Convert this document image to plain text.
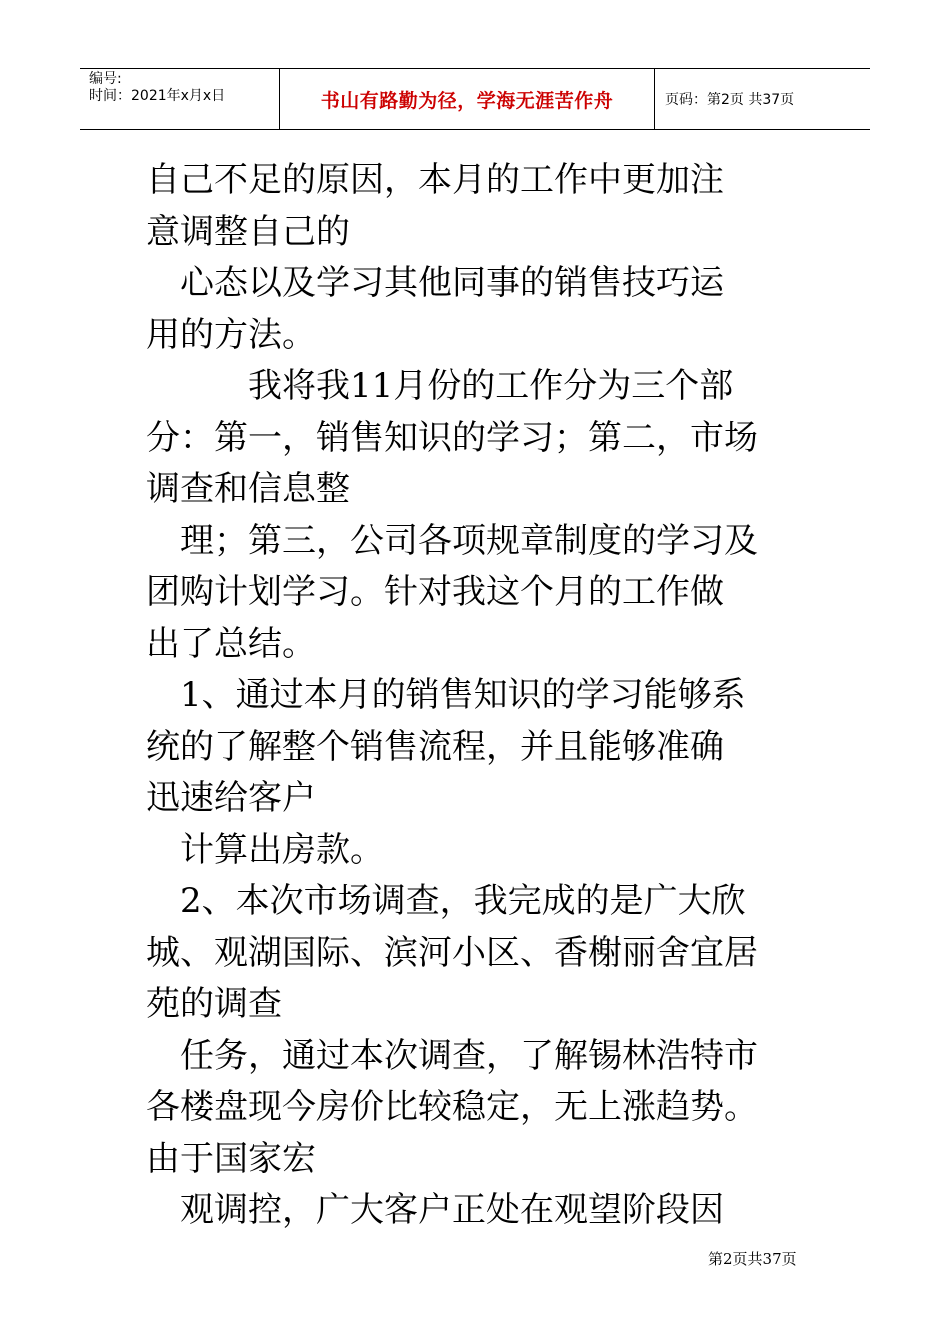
编号:
时间：2021年x月x日	书山有路勤为径，学海无涯苦作舟	页码：第2页 共37页
自己不足的原因，本月的工作中更加注
意调整自己的
　心态以及学习其他同事的销售技巧运
用的方法。
　　　我将我11月份的工作分为三个部
分：第一，销售知识的学习；第二，市场
调查和信息整
　理；第三，公司各项规章制度的学习及
团购计划学习。针对我这个月的工作做
出了总结。
　1、通过本月的销售知识的学习能够系
统的了解整个销售流程，并且能够准确
迅速给客户
　计算出房款。
　2、本次市场调查，我完成的是广大欣
城、观湖国际、滨河小区、香榭丽舍宜居
苑的调查
　任务，通过本次调查，了解锡林浩特市
各楼盘现今房价比较稳定，无上涨趋势。
由于国家宏
　观调控，广大客户正处在观望阶段因
第2页共37页
